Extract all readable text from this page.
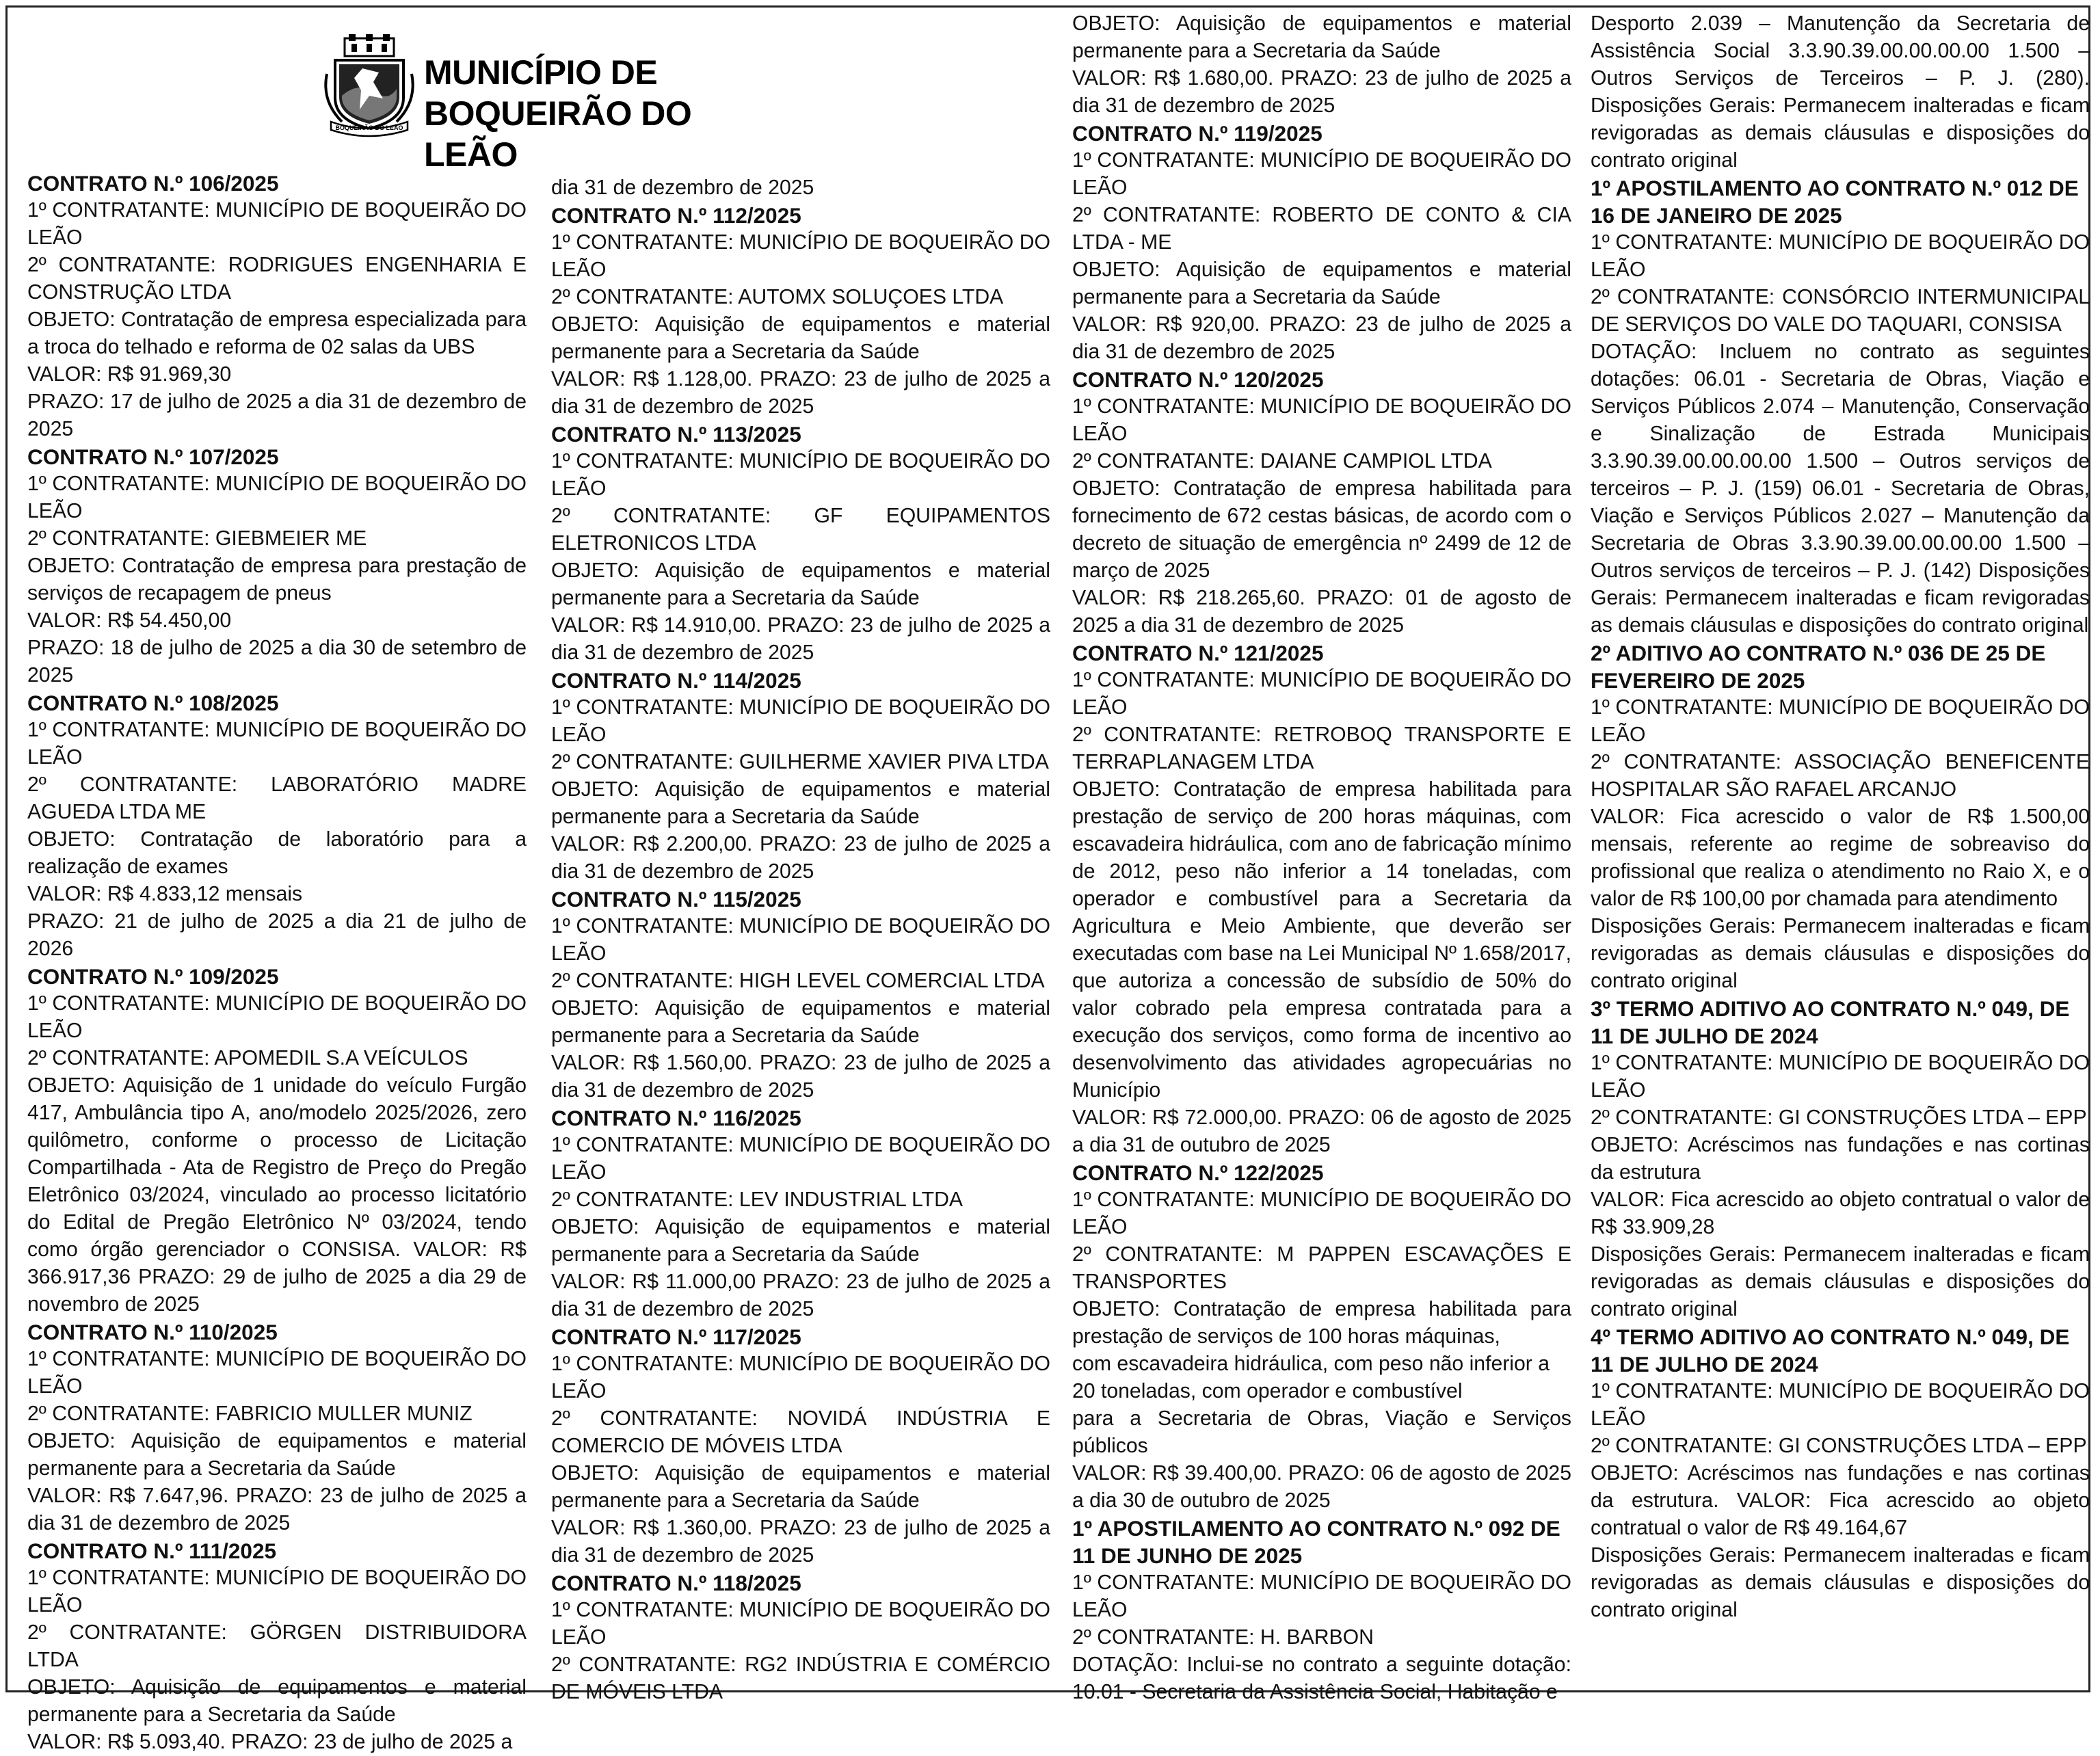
BOQUEIRÃO DO LEÃO
MUNICÍPIO DE
BOQUEIRÃO DO LEÃO

CONTRATO N.º 106/2025

1º CONTRATANTE: MUNICÍPIO DE BOQUEIRÃO DO LEÃO

2º CONTRATANTE: RODRIGUES ENGENHARIA E CONSTRUÇÃO LTDA

OBJETO: Contratação de empresa especializada para a troca do telhado e reforma de 02 salas da UBS

VALOR: R$ 91.969,30

PRAZO: 17 de julho de 2025 a dia 31 de dezembro de 2025

CONTRATO N.º 107/2025

1º CONTRATANTE: MUNICÍPIO DE BOQUEIRÃO DO LEÃO

2º CONTRATANTE: GIEBMEIER ME

OBJETO: Contratação de empresa para prestação de serviços de recapagem de pneus

VALOR: R$ 54.450,00

PRAZO: 18 de julho de 2025 a dia 30 de setembro de 2025

CONTRATO N.º 108/2025

1º CONTRATANTE: MUNICÍPIO DE BOQUEIRÃO DO LEÃO

2º CONTRATANTE: LABORATÓRIO MADRE AGUEDA LTDA ME

OBJETO: Contratação de laboratório para a realização de exames

VALOR: R$ 4.833,12 mensais

PRAZO: 21 de julho de 2025 a dia 21 de julho de 2026

CONTRATO N.º 109/2025

1º CONTRATANTE: MUNICÍPIO DE BOQUEIRÃO DO LEÃO

2º CONTRATANTE: APOMEDIL S.A VEÍCULOS

OBJETO: Aquisição de 1 unidade do veículo Furgão 417, Ambulância tipo A, ano/modelo 2025/2026, zero quilômetro, conforme o processo de Licitação Compartilhada - Ata de Registro de Preço do Pregão Eletrônico 03/2024, vinculado ao processo licitatório do Edital de Pregão Eletrônico Nº 03/2024, tendo como órgão gerenciador o CONSISA. VALOR: R$ 366.917,36 PRAZO: 29 de julho de 2025 a dia 29 de novembro de 2025

CONTRATO N.º 110/2025

1º CONTRATANTE: MUNICÍPIO DE BOQUEIRÃO DO LEÃO

2º CONTRATANTE: FABRICIO MULLER MUNIZ

OBJETO: Aquisição de equipamentos e material permanente para a Secretaria da Saúde

VALOR: R$ 7.647,96. PRAZO: 23 de julho de 2025 a dia 31 de dezembro de 2025

CONTRATO N.º 111/2025

1º CONTRATANTE: MUNICÍPIO DE BOQUEIRÃO DO LEÃO

2º CONTRATANTE: GÖRGEN DISTRIBUIDORA LTDA

OBJETO: Aquisição de equipamentos e material permanente para a Secretaria da Saúde

VALOR: R$ 5.093,40. PRAZO: 23 de julho de 2025 a

dia 31 de dezembro de 2025

CONTRATO N.º 112/2025

1º CONTRATANTE: MUNICÍPIO DE BOQUEIRÃO DO LEÃO

2º CONTRATANTE: AUTOMX SOLUÇOES LTDA

OBJETO: Aquisição de equipamentos e material permanente para a Secretaria da Saúde

VALOR: R$ 1.128,00. PRAZO: 23 de julho de 2025 a dia 31 de dezembro de 2025

CONTRATO N.º 113/2025

1º CONTRATANTE: MUNICÍPIO DE BOQUEIRÃO DO LEÃO

2º CONTRATANTE: GF EQUIPAMENTOS ELETRONICOS LTDA

OBJETO: Aquisição de equipamentos e material permanente para a Secretaria da Saúde

VALOR: R$ 14.910,00. PRAZO: 23 de julho de 2025 a dia 31 de dezembro de 2025

CONTRATO N.º 114/2025

1º CONTRATANTE: MUNICÍPIO DE BOQUEIRÃO DO LEÃO

2º CONTRATANTE: GUILHERME XAVIER PIVA LTDA

OBJETO: Aquisição de equipamentos e material permanente para a Secretaria da Saúde

VALOR: R$ 2.200,00. PRAZO: 23 de julho de 2025 a dia 31 de dezembro de 2025

CONTRATO N.º 115/2025

1º CONTRATANTE: MUNICÍPIO DE BOQUEIRÃO DO LEÃO

2º CONTRATANTE: HIGH LEVEL COMERCIAL LTDA

OBJETO: Aquisição de equipamentos e material permanente para a Secretaria da Saúde

VALOR: R$ 1.560,00. PRAZO: 23 de julho de 2025 a dia 31 de dezembro de 2025

CONTRATO N.º 116/2025

1º CONTRATANTE: MUNICÍPIO DE BOQUEIRÃO DO LEÃO

2º CONTRATANTE: LEV INDUSTRIAL LTDA

OBJETO: Aquisição de equipamentos e material permanente para a Secretaria da Saúde

VALOR: R$ 11.000,00 PRAZO: 23 de julho de 2025 a dia 31 de dezembro de 2025

CONTRATO N.º 117/2025

1º CONTRATANTE: MUNICÍPIO DE BOQUEIRÃO DO LEÃO

2º CONTRATANTE: NOVIDÁ INDÚSTRIA E COMERCIO DE MÓVEIS LTDA

OBJETO: Aquisição de equipamentos e material permanente para a Secretaria da Saúde

VALOR: R$ 1.360,00. PRAZO: 23 de julho de 2025 a dia 31 de dezembro de 2025

CONTRATO N.º 118/2025

1º CONTRATANTE: MUNICÍPIO DE BOQUEIRÃO DO LEÃO

2º CONTRATANTE: RG2 INDÚSTRIA E COMÉRCIO DE MÓVEIS LTDA

OBJETO: Aquisição de equipamentos e material permanente para a Secretaria da Saúde

VALOR: R$ 1.680,00. PRAZO: 23 de julho de 2025 a dia 31 de dezembro de 2025

CONTRATO N.º 119/2025

1º CONTRATANTE: MUNICÍPIO DE BOQUEIRÃO DO LEÃO

2º CONTRATANTE: ROBERTO DE CONTO & CIA LTDA - ME

OBJETO: Aquisição de equipamentos e material permanente para a Secretaria da Saúde

VALOR: R$ 920,00. PRAZO: 23 de julho de 2025 a dia 31 de dezembro de 2025

CONTRATO N.º 120/2025

1º CONTRATANTE: MUNICÍPIO DE BOQUEIRÃO DO LEÃO

2º CONTRATANTE: DAIANE CAMPIOL LTDA

OBJETO: Contratação de empresa habilitada para fornecimento de 672 cestas básicas, de acordo com o decreto de situação de emergência nº 2499 de 12 de março de 2025

VALOR: R$ 218.265,60. PRAZO: 01 de agosto de 2025 a dia 31 de dezembro de 2025

CONTRATO N.º 121/2025

1º CONTRATANTE: MUNICÍPIO DE BOQUEIRÃO DO LEÃO

2º CONTRATANTE: RETROBOQ TRANSPORTE E TERRAPLANAGEM LTDA

OBJETO: Contratação de empresa habilitada para prestação de serviço de 200 horas máquinas, com escavadeira hidráulica, com ano de fabricação mínimo de 2012, peso não inferior a 14 toneladas, com operador e combustível para a Secretaria da Agricultura e Meio Ambiente, que deverão ser executadas com base na Lei Municipal Nº 1.658/2017, que autoriza a concessão de subsídio de 50% do valor cobrado pela empresa contratada para a execução dos serviços, como forma de incentivo ao desenvolvimento das atividades agropecuárias no Município

VALOR: R$ 72.000,00. PRAZO: 06 de agosto de 2025 a dia 31 de outubro de 2025

CONTRATO N.º 122/2025

1º CONTRATANTE: MUNICÍPIO DE BOQUEIRÃO DO LEÃO

2º CONTRATANTE: M PAPPEN ESCAVAÇÕES E TRANSPORTES

OBJETO: Contratação de empresa habilitada para prestação de serviços de 100 horas máquinas,

com escavadeira hidráulica, com peso não inferior a

20 toneladas, com operador e combustível

para a Secretaria de Obras, Viação e Serviços públicos

VALOR: R$ 39.400,00. PRAZO: 06 de agosto de 2025 a dia 30 de outubro de 2025

1º APOSTILAMENTO AO CONTRATO N.º 092 DE 11 DE JUNHO DE 2025

1º CONTRATANTE: MUNICÍPIO DE BOQUEIRÃO DO LEÃO

2º CONTRATANTE: H. BARBON

DOTAÇÃO: Inclui-se no contrato a seguinte dotação: 10.01 - Secretaria da Assistência Social, Habitação e

Desporto 2.039 – Manutenção da Secretaria de Assistência Social 3.3.90.39.00.00.00.00 1.500 – Outros Serviços de Terceiros – P. J. (280). Disposições Gerais: Permanecem inalteradas e ficam revigoradas as demais cláusulas e disposições do contrato original

1º APOSTILAMENTO AO CONTRATO N.º 012 DE 16 DE JANEIRO DE 2025

1º CONTRATANTE: MUNICÍPIO DE BOQUEIRÃO DO LEÃO

2º CONTRATANTE: CONSÓRCIO INTERMUNICIPAL DE SERVIÇOS DO VALE DO TAQUARI, CONSISA

DOTAÇÃO: Incluem no contrato as seguintes dotações: 06.01 - Secretaria de Obras, Viação e Serviços Públicos 2.074 – Manutenção, Conservação e Sinalização de Estrada Municipais 3.3.90.39.00.00.00.00 1.500 – Outros serviços de terceiros – P. J. (159) 06.01 - Secretaria de Obras, Viação e Serviços Públicos 2.027 – Manutenção da Secretaria de Obras 3.3.90.39.00.00.00.00 1.500 – Outros serviços de terceiros – P. J. (142) Disposições Gerais: Permanecem inalteradas e ficam revigoradas as demais cláusulas e disposições do contrato original

2º ADITIVO AO CONTRATO N.º 036 DE 25 DE FEVEREIRO DE 2025

1º CONTRATANTE: MUNICÍPIO DE BOQUEIRÃO DO LEÃO

2º CONTRATANTE: ASSOCIAÇÃO BENEFICENTE HOSPITALAR SÃO RAFAEL ARCANJO

VALOR: Fica acrescido o valor de R$ 1.500,00 mensais, referente ao regime de sobreaviso do profissional que realiza o atendimento no Raio X, e o valor de R$ 100,00 por chamada para atendimento

Disposições Gerais: Permanecem inalteradas e ficam revigoradas as demais cláusulas e disposições do contrato original

3º TERMO ADITIVO AO CONTRATO N.º 049, DE 11 DE JULHO DE 2024

1º CONTRATANTE: MUNICÍPIO DE BOQUEIRÃO DO LEÃO

2º CONTRATANTE: GI CONSTRUÇÕES LTDA – EPP

OBJETO: Acréscimos nas fundações e nas cortinas da estrutura

VALOR: Fica acrescido ao objeto contratual o valor de R$ 33.909,28

Disposições Gerais: Permanecem inalteradas e ficam revigoradas as demais cláusulas e disposições do contrato original

4º TERMO ADITIVO AO CONTRATO N.º 049, DE 11 DE JULHO DE 2024

1º CONTRATANTE: MUNICÍPIO DE BOQUEIRÃO DO LEÃO

2º CONTRATANTE: GI CONSTRUÇÕES LTDA – EPP

OBJETO: Acréscimos nas fundações e nas cortinas da estrutura. VALOR: Fica acrescido ao objeto contratual o valor de R$ 49.164,67

Disposições Gerais: Permanecem inalteradas e ficam revigoradas as demais cláusulas e disposições do contrato original
